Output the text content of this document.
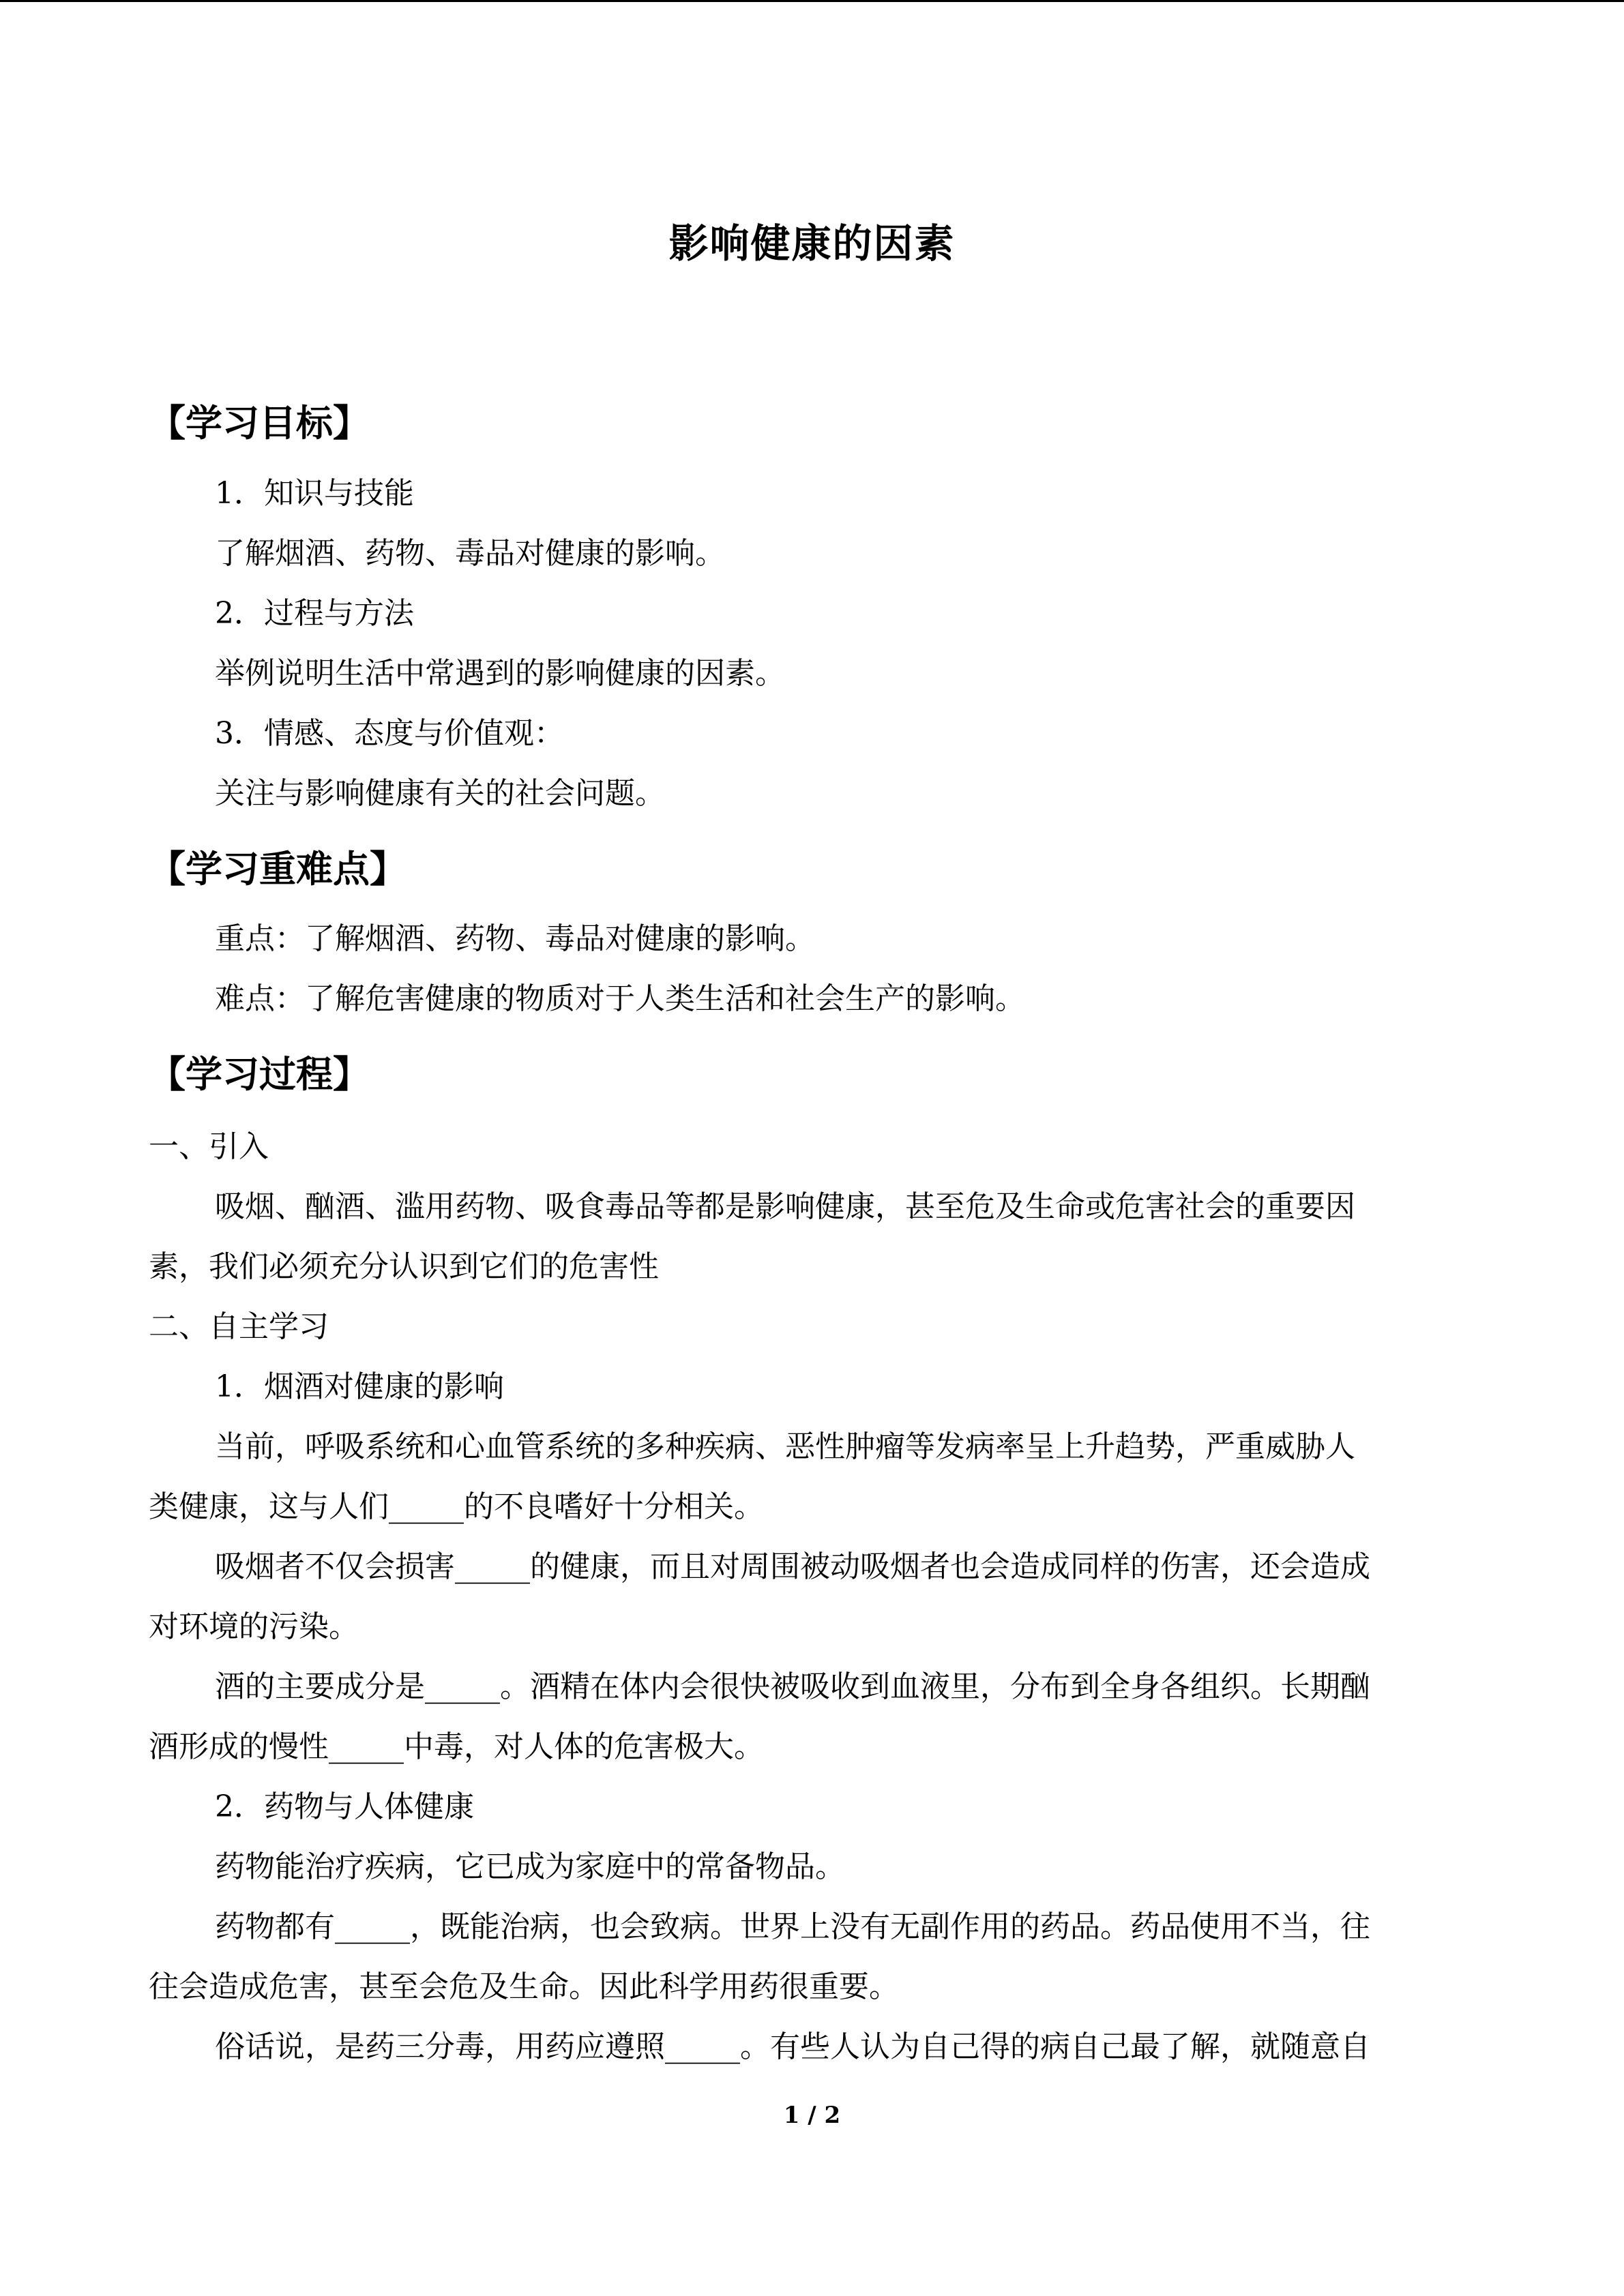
影响健康的因素
【学习目标】
1．知识与技能
了解烟酒、药物、毒品对健康的影响。
2．过程与方法
举例说明生活中常遇到的影响健康的因素。
3．情感、态度与价值观：
关注与影响健康有关的社会问题。
【学习重难点】
重点：了解烟酒、药物、毒品对健康的影响。
难点：了解危害健康的物质对于人类生活和社会生产的影响。
【学习过程】
一、引入
吸烟、酗酒、滥用药物、吸食毒品等都是影响健康，甚至危及生命或危害社会的重要因
素，我们必须充分认识到它们的危害性
二、自主学习
1．烟酒对健康的影响
当前，呼吸系统和心血管系统的多种疾病、恶性肿瘤等发病率呈上升趋势，严重威胁人
类健康，这与人们_____的不良嗜好十分相关。
吸烟者不仅会损害_____的健康，而且对周围被动吸烟者也会造成同样的伤害，还会造成
对环境的污染。
酒的主要成分是_____。酒精在体内会很快被吸收到血液里，分布到全身各组织。长期酗
酒形成的慢性_____中毒，对人体的危害极大。
2．药物与人体健康
药物能治疗疾病，它已成为家庭中的常备物品。
药物都有_____，既能治病，也会致病。世界上没有无副作用的药品。药品使用不当，往
往会造成危害，甚至会危及生命。因此科学用药很重要。
俗话说，是药三分毒，用药应遵照_____。有些人认为自己得的病自己最了解，就随意自
1 / 2
